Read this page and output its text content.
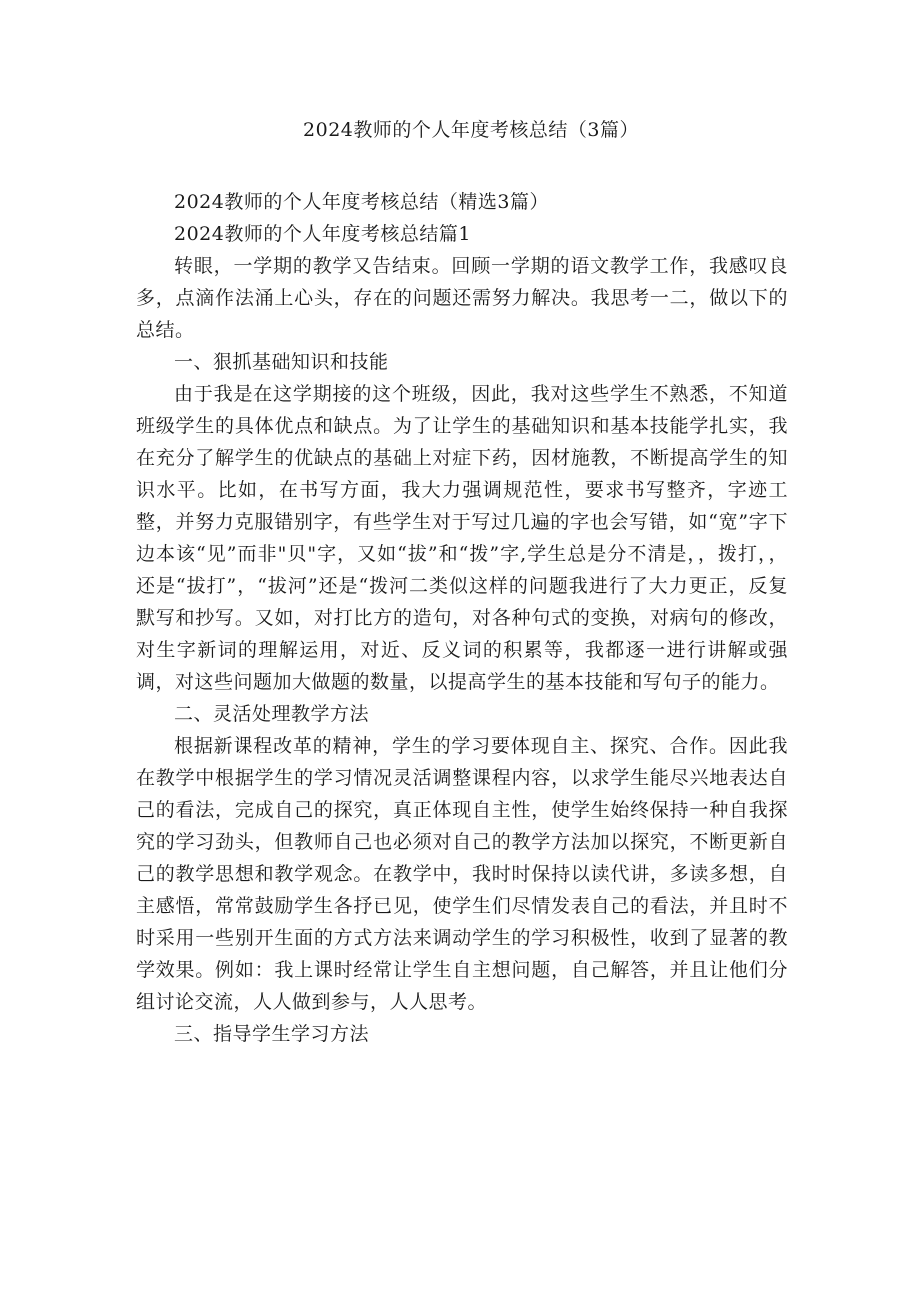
2024教师的个人年度考核总结（3篇）

2024教师的个人年度考核总结（精选3篇）

2024教师的个人年度考核总结篇1

转眼，一学期的教学又告结束。回顾一学期的语文教学工作，我感叹良多，点滴作法涌上心头，存在的问题还需努力解决。我思考一二，做以下的总结。

一、狠抓基础知识和技能

由于我是在这学期接的这个班级，因此，我对这些学生不熟悉，不知道班级学生的具体优点和缺点。为了让学生的基础知识和基本技能学扎实，我在充分了解学生的优缺点的基础上对症下药，因材施教，不断提高学生的知识水平。比如，在书写方面，我大力强调规范性，要求书写整齐，字迹工整，并努力克服错别字，有些学生对于写过几遍的字也会写错，如“宽”字下边本该“见”而非"贝"字，又如“拔”和“拨”字,学生总是分不清是，，拨打，，还是“拔打”，“拔河”还是“拨河二类似这样的问题我进行了大力更正，反复默写和抄写。又如，对打比方的造句，对各种句式的变换，对病句的修改，对生字新词的理解运用，对近、反义词的积累等，我都逐一进行讲解或强调，对这些问题加大做题的数量，以提高学生的基本技能和写句子的能力。

二、灵活处理教学方法

根据新课程改革的精神，学生的学习要体现自主、探究、合作。因此我在教学中根据学生的学习情况灵活调整课程内容，以求学生能尽兴地表达自己的看法，完成自己的探究，真正体现自主性，使学生始终保持一种自我探究的学习劲头，但教师自己也必须对自己的教学方法加以探究，不断更新自己的教学思想和教学观念。在教学中，我时时保持以读代讲，多读多想，自主感悟，常常鼓励学生各抒已见，使学生们尽情发表自己的看法，并且时不时采用一些别开生面的方式方法来调动学生的学习积极性，收到了显著的教学效果。例如：我上课时经常让学生自主想问题，自己解答，并且让他们分组讨论交流，人人做到参与，人人思考。

三、指导学生学习方法
